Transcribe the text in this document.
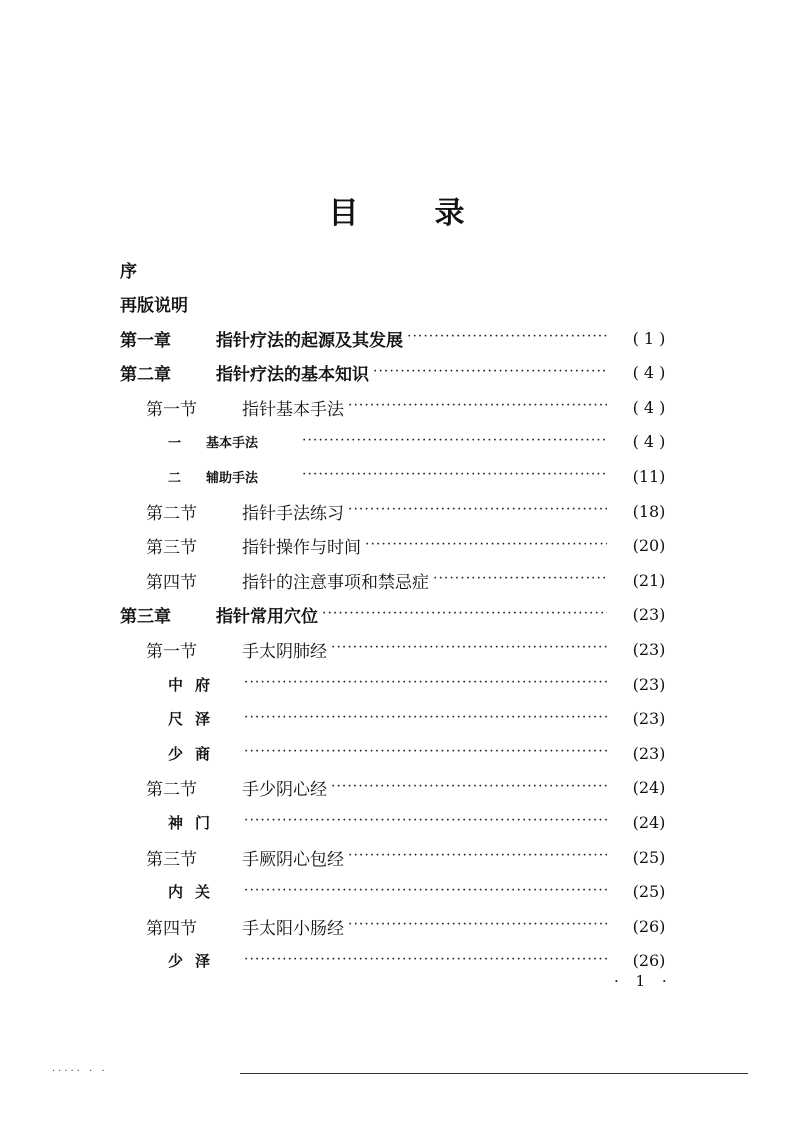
目	录
序
再版说明
第一章	指针疗法的起源及其发展 ·····	( 1 )
第二章	指针疗法的基本知识 ·····	( 4 )
第一节	指针基本手法 ·····	( 4 )
一	基本手法 ·····	( 4 )
二	辅助手法 ·····	(11)
第二节	指针手法练习 ·····	(18)
第三节	指针操作与时间 ·····	(20)
第四节	指针的注意事项和禁忌症 ·····	(21)
第三章	指针常用穴位 ·····	(23)
第一节	手太阴肺经 ·····	(23)
中府 ·····	(23)
尺泽 ·····	(23)
少商 ·····	(23)
第二节	手少阴心经 ·····	(24)
神门 ·····	(24)
第三节	手厥阴心包经 ·····	(25)
内关 ·····	(25)
第四节	手太阳小肠经 ·····	(26)
少泽 ·····	(26)
· 1 ·
····· · ·
